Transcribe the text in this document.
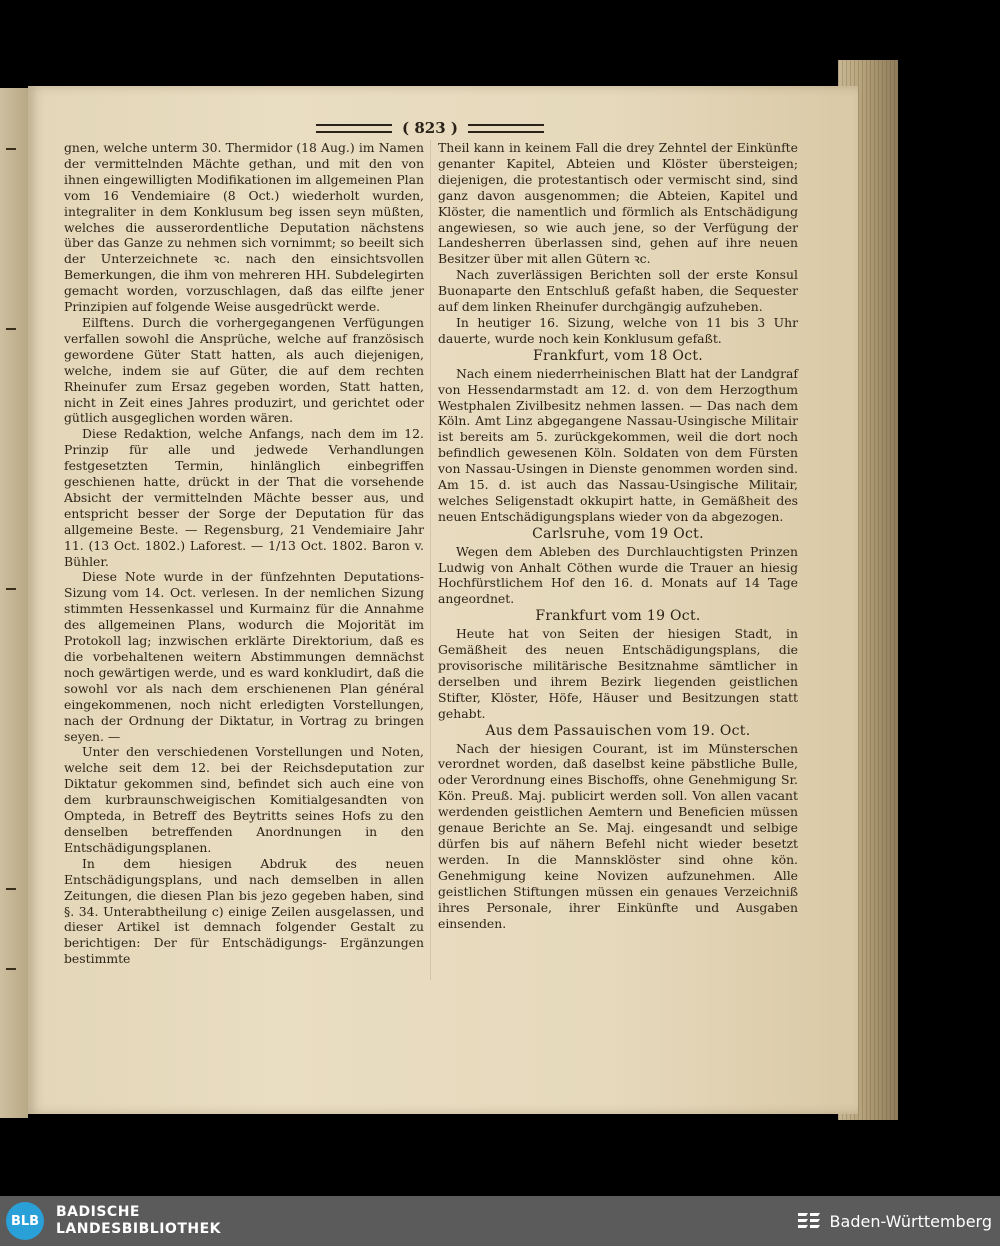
( 823 )

gnen, welche unterm 30. Thermidor (18 Aug.) im Namen der vermittelnden Mächte gethan, und mit den von ihnen eingewilligten Modifikationen im allgemeinen Plan vom 16 Vendemiaire (8 Oct.) wiederholt wurden, integraliter in dem Konklusum beg issen seyn müßten, welches die ausserordentliche Deputation nächstens über das Ganze zu nehmen sich vornimmt; so beeilt sich der Unterzeichnete ꝛc. nach den einsichtsvollen Bemerkungen, die ihm von mehreren HH. Subdelegirten gemacht worden, vorzuschlagen, daß das eilfte jener Prinzipien auf folgende Weise ausgedrückt werde.

Eilftens. Durch die vorhergegangenen Verfügungen verfallen sowohl die Ansprüche, welche auf französisch gewordene Güter Statt hatten, als auch diejenigen, welche, indem sie auf Güter, die auf dem rechten Rheinufer zum Ersaz gegeben worden, Statt hatten, nicht in Zeit eines Jahres produzirt, und gerichtet oder gütlich ausgeglichen worden wären.

Diese Redaktion, welche Anfangs, nach dem im 12. Prinzip für alle und jedwede Verhandlungen festgesetzten Termin, hinlänglich einbegriffen geschienen hatte, drückt in der That die vorsehende Absicht der vermittelnden Mächte besser aus, und entspricht besser der Sorge der Deputation für das allgemeine Beste. — Regensburg, 21 Vendemiaire Jahr 11. (13 Oct. 1802.) Laforest. — 1/13 Oct. 1802. Baron v. Bühler.

Diese Note wurde in der fünfzehnten Deputations-Sizung vom 14. Oct. verlesen. In der nemlichen Sizung stimmten Hessenkassel und Kurmainz für die Annahme des allgemeinen Plans, wodurch die Mojorität im Protokoll lag; inzwischen erklärte Direktorium, daß es die vorbehaltenen weitern Abstimmungen demnächst noch gewärtigen werde, und es ward konkludirt, daß die sowohl vor als nach dem erschienenen Plan général eingekommenen, noch nicht erledigten Vorstellungen, nach der Ordnung der Diktatur, in Vortrag zu bringen seyen. —

Unter den verschiedenen Vorstellungen und Noten, welche seit dem 12. bei der Reichsdeputation zur Diktatur gekommen sind, befindet sich auch eine von dem kurbraunschweigischen Komitialgesandten von Ompteda, in Betreff des Beytritts seines Hofs zu den denselben betreffenden Anordnungen in den Entschädigungsplanen.

In dem hiesigen Abdruk des neuen Entschädigungsplans, und nach demselben in allen Zeitungen, die diesen Plan bis jezo gegeben haben, sind §. 34. Unterabtheilung c) einige Zeilen ausgelassen, und dieser Artikel ist demnach folgender Gestalt zu berichtigen: Der für Entschädigungs- Ergänzungen bestimmte

Theil kann in keinem Fall die drey Zehntel der Einkünfte genanter Kapitel, Abteien und Klöster übersteigen; diejenigen, die protestantisch oder vermischt sind, sind ganz davon ausgenommen; die Abteien, Kapitel und Klöster, die namentlich und förmlich als Entschädigung angewiesen, so wie auch jene, so der Verfügung der Landesherren überlassen sind, gehen auf ihre neuen Besitzer über mit allen Gütern ꝛc.

Nach zuverlässigen Berichten soll der erste Konsul Buonaparte den Entschluß gefaßt haben, die Sequester auf dem linken Rheinufer durchgängig aufzuheben.

In heutiger 16. Sizung, welche von 11 bis 3 Uhr dauerte, wurde noch kein Konklusum gefaßt.

Frankfurt, vom 18 Oct.

Nach einem niederrheinischen Blatt hat der Landgraf von Hessendarmstadt am 12. d. von dem Herzogthum Westphalen Zivilbesitz nehmen lassen. — Das nach dem Köln. Amt Linz abgegangene Nassau-Usingische Militair ist bereits am 5. zurückgekommen, weil die dort noch befindlich gewesenen Köln. Soldaten von dem Fürsten von Nassau-Usingen in Dienste genommen worden sind. Am 15. d. ist auch das Nassau-Usingische Militair, welches Seligenstadt okkupirt hatte, in Gemäßheit des neuen Entschädigungsplans wieder von da abgezogen.

Carlsruhe, vom 19 Oct.

Wegen dem Ableben des Durchlauchtigsten Prinzen Ludwig von Anhalt Cöthen wurde die Trauer an hiesig Hochfürstlichem Hof den 16. d. Monats auf 14 Tage angeordnet.

Frankfurt vom 19 Oct.

Heute hat von Seiten der hiesigen Stadt, in Gemäßheit des neuen Entschädigungsplans, die provisorische militärische Besitznahme sämtlicher in derselben und ihrem Bezirk liegenden geistlichen Stifter, Klöster, Höfe, Häuser und Besitzungen statt gehabt.

Aus dem Passauischen vom 19. Oct.

Nach der hiesigen Courant, ist im Münsterschen verordnet worden, daß daselbst keine päbstliche Bulle, oder Verordnung eines Bischoffs, ohne Genehmigung Sr. Kön. Preuß. Maj. publicirt werden soll. Von allen vacant werdenden geistlichen Aemtern und Beneficien müssen genaue Berichte an Se. Maj. eingesandt und selbige dürfen bis auf nähern Befehl nicht wieder besetzt werden. In die Mannsklöster sind ohne kön. Genehmigung keine Novizen aufzunehmen. Alle geistlichen Stiftungen müssen ein genaues Verzeichniß ihres Personale, ihrer Einkünfte und Ausgaben einsenden.

BLB
BADISCHE
LANDESBIBLIOTHEK	Baden-Württemberg
